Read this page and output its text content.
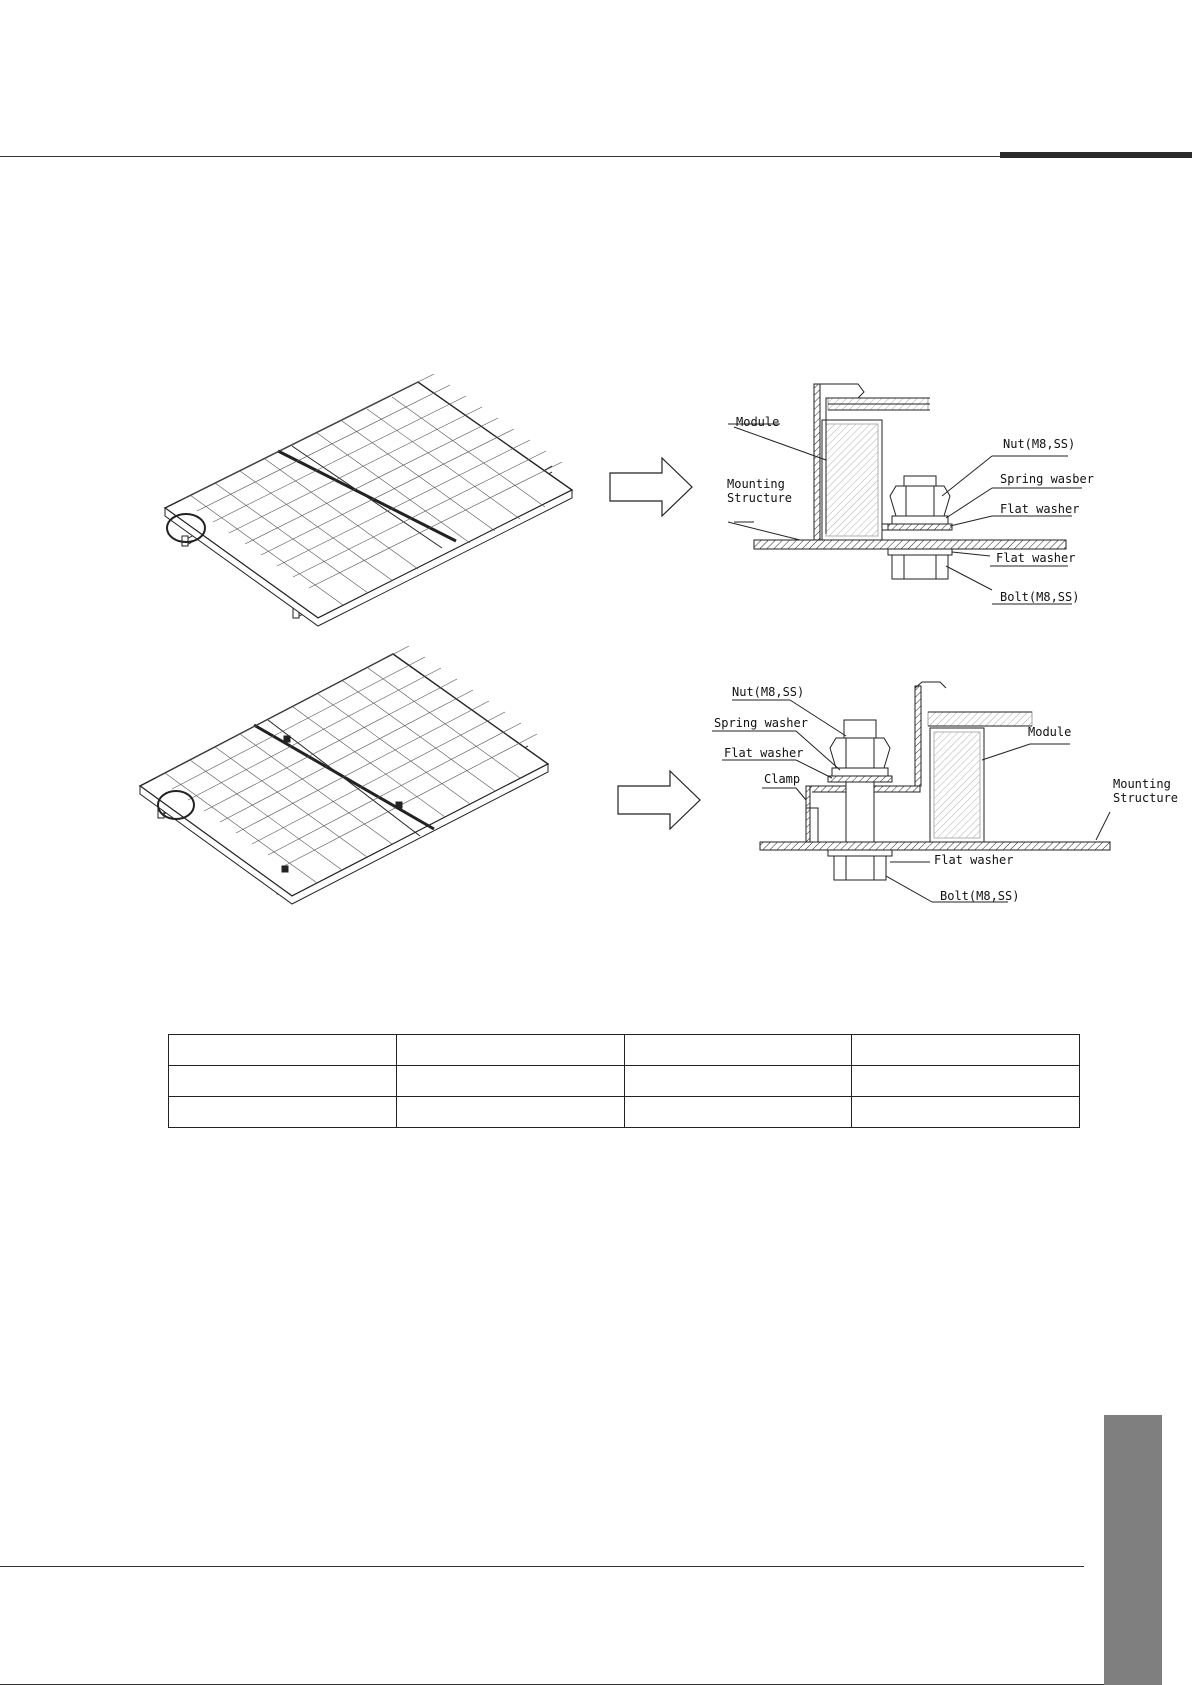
Module
Mounting
Structure
Nut(M8,SS)
Spring wasber
Flat washer
Flat washer
Bolt(M8,SS)
Nut(M8,SS)
Spring washer
Flat washer
Clamp
Module
Mounting
Structure
Flat washer
Bolt(M8,SS)
